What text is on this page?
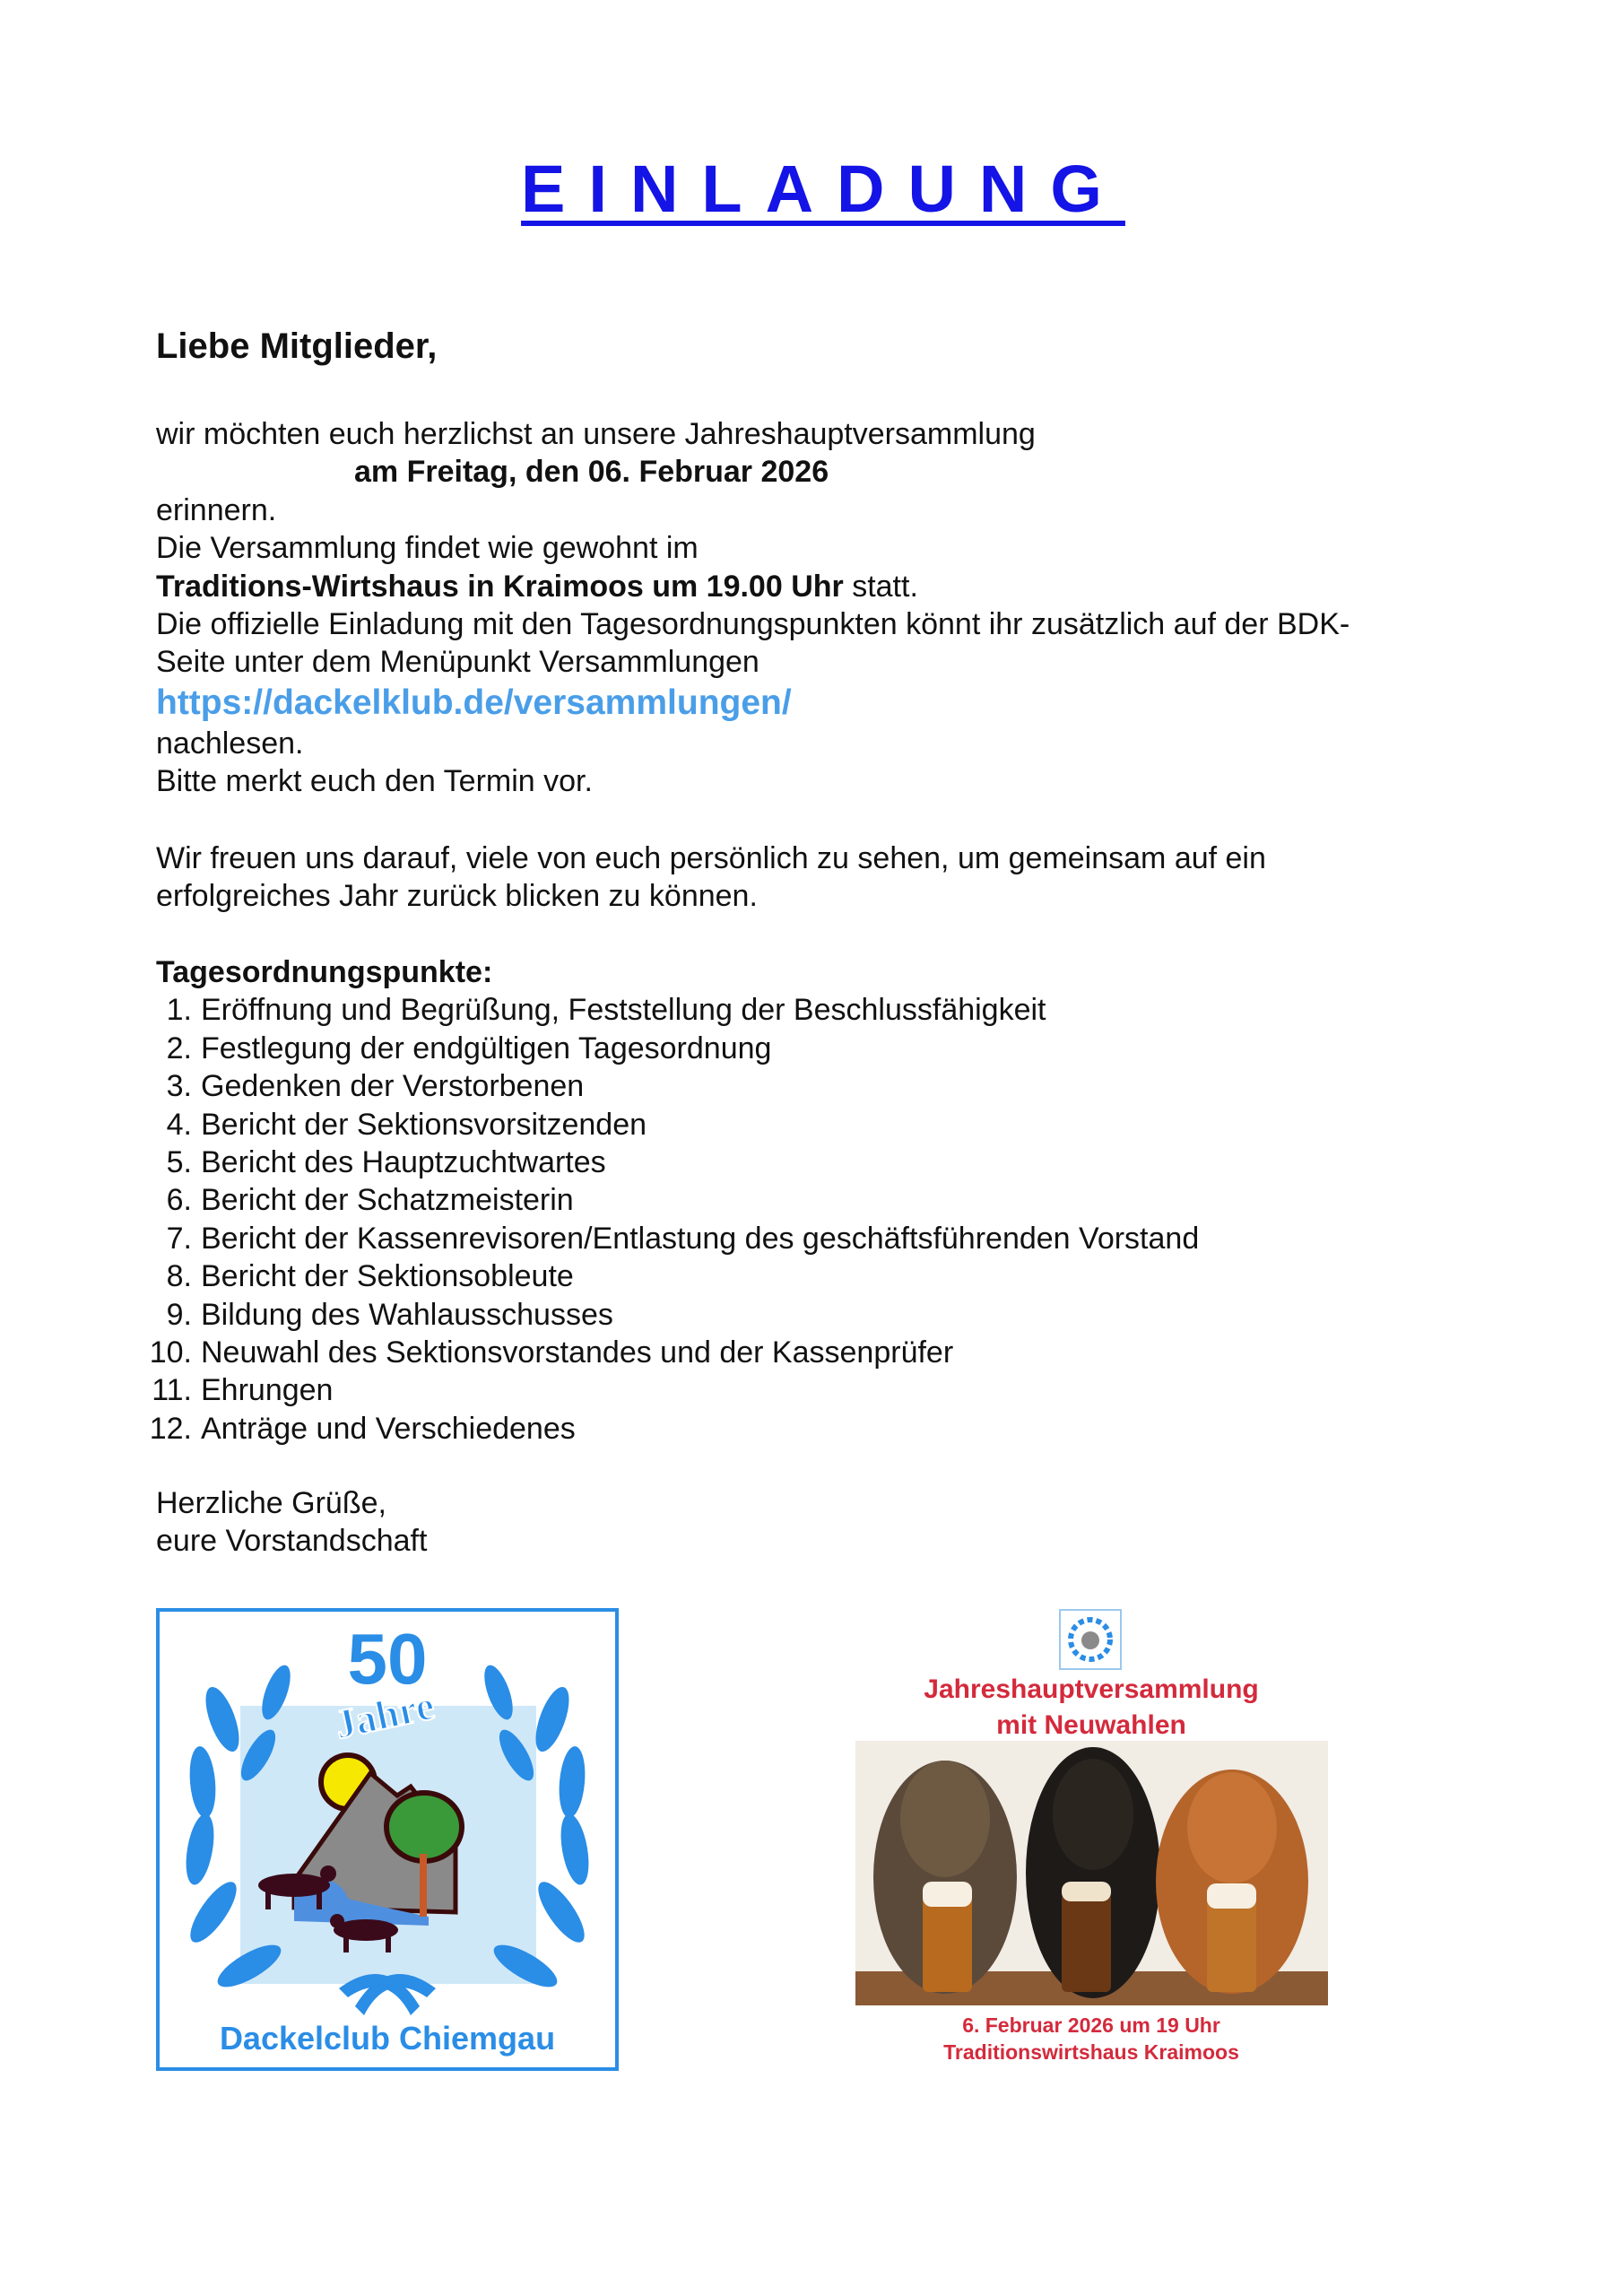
EINLADUNG
Liebe Mitglieder,
wir möchten euch herzlichst an unsere Jahreshauptversammlung
am Freitag, den 06. Februar 2026
erinnern.
Die Versammlung findet wie gewohnt im
Traditions-Wirtshaus in Kraimoos um 19.00 Uhr statt.
Die offizielle Einladung mit den Tagesordnungspunkten könnt ihr zusätzlich auf der BDK-
Seite unter dem Menüpunkt Versammlungen
https://dackelklub.de/versammlungen/
nachlesen.
Bitte merkt euch den Termin vor.
Wir freuen uns darauf, viele von euch persönlich zu sehen, um gemeinsam auf ein
erfolgreiches Jahr zurück blicken zu können.
Tagesordnungspunkte:
1. Eröffnung und Begrüßung, Feststellung der Beschlussfähigkeit
2. Festlegung der endgültigen Tagesordnung
3. Gedenken der Verstorbenen
4. Bericht der Sektionsvorsitzenden
5. Bericht des Hauptzuchtwartes
6. Bericht der Schatzmeisterin
7. Bericht der Kassenrevisoren/Entlastung des geschäftsführenden Vorstand
8. Bericht der Sektionsobleute
9. Bildung des Wahlausschusses
10. Neuwahl des Sektionsvorstandes und der Kassenprüfer
11. Ehrungen
12. Anträge und Verschiedenes
Herzliche Grüße,
eure Vorstandschaft
50
Jahre
Dackelclub Chiemgau
Jahreshauptversammlung
mit Neuwahlen
6. Februar 2026 um 19 Uhr
Traditionswirtshaus Kraimoos
